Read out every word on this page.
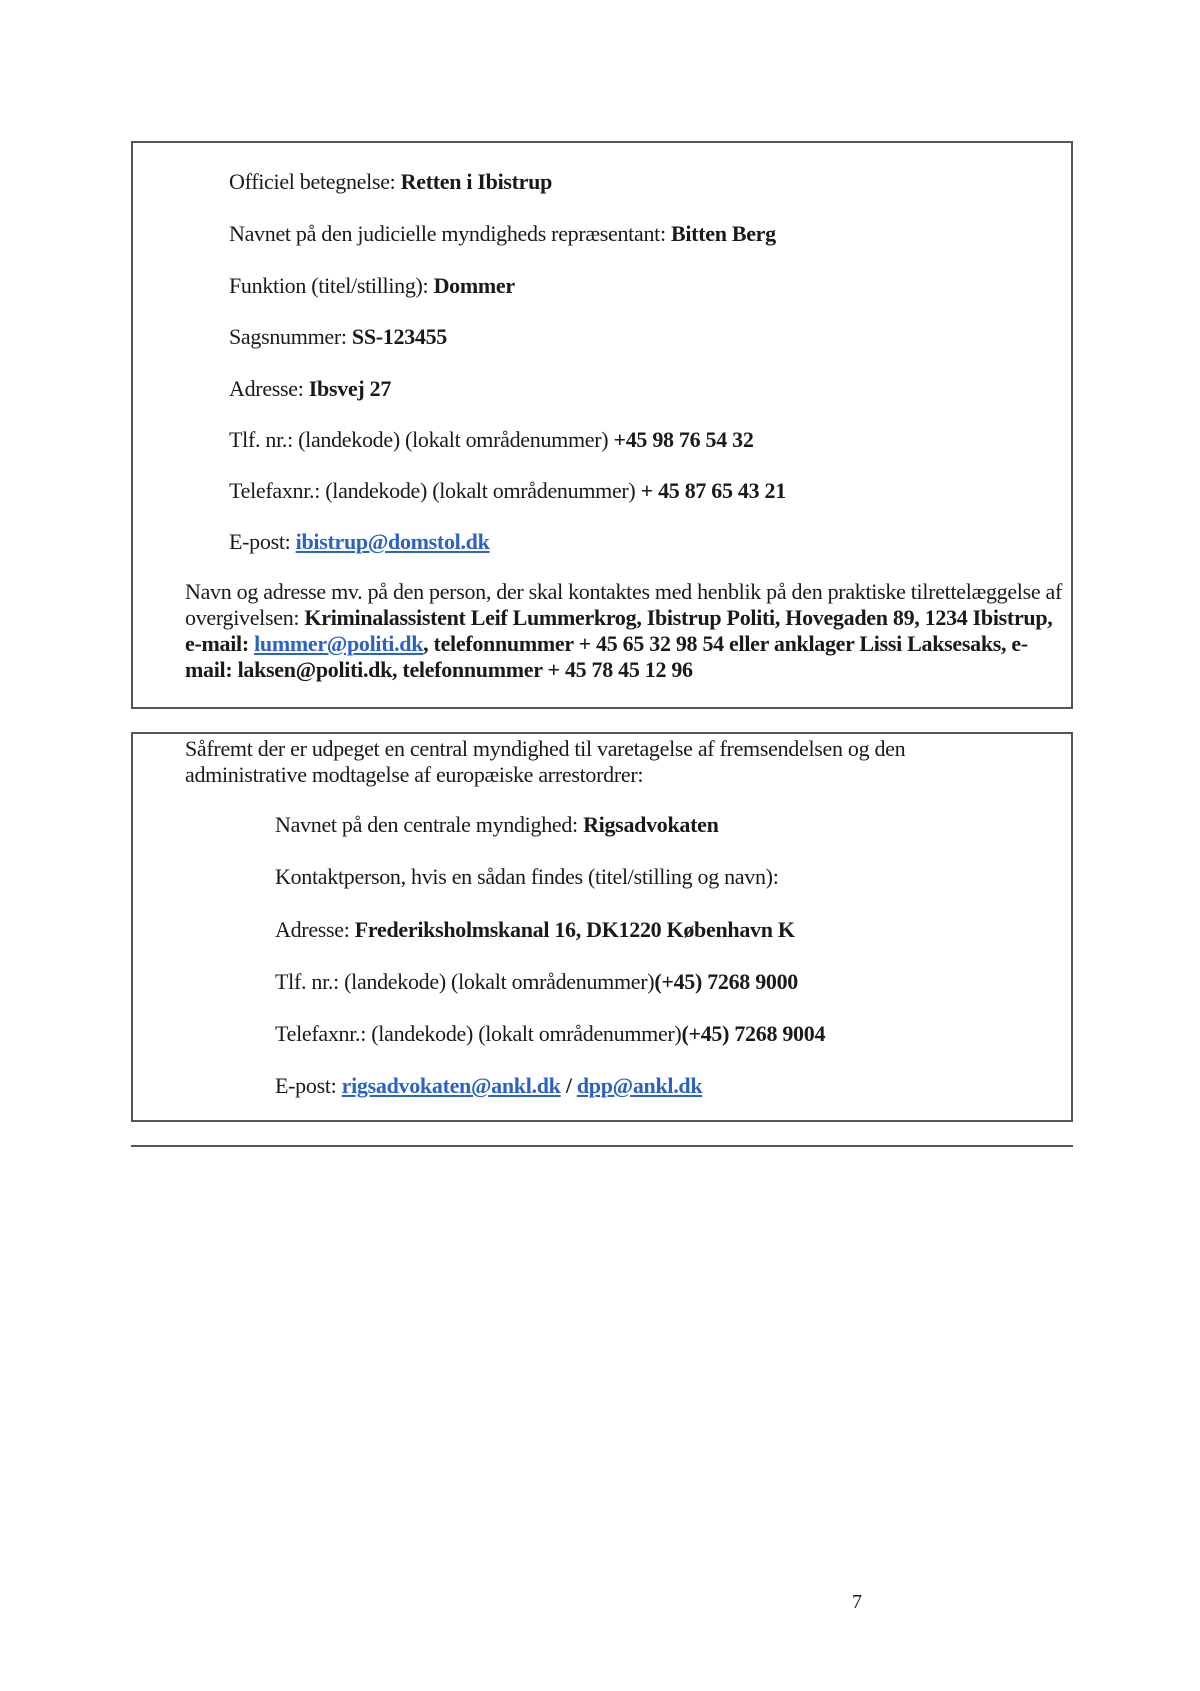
Officiel betegnelse: Retten i Ibistrup
Navnet på den judicielle myndigheds repræsentant: Bitten Berg
Funktion (titel/stilling): Dommer
Sagsnummer: SS-123455
Adresse: Ibsvej 27
Tlf. nr.: (landekode) (lokalt områdenummer) +45 98 76 54 32
Telefaxnr.: (landekode) (lokalt områdenummer) + 45 87 65 43 21
E-post: ibistrup@domstol.dk
Navn og adresse mv. på den person, der skal kontaktes med henblik på den praktiske tilrettelæggelse af overgivelsen: Kriminalassistent Leif Lummerkrog, Ibistrup Politi, Hovegaden 89, 1234 Ibistrup, e-mail: lummer@politi.dk, telefonnummer + 45 65 32 98 54 eller anklager Lissi Laksesaks, e-mail: laksen@politi.dk, telefonnummer + 45 78 45 12 96
Såfremt der er udpeget en central myndighed til varetagelse af fremsendelsen og den administrative modtagelse af europæiske arrestordrer:
Navnet på den centrale myndighed: Rigsadvokaten
Kontaktperson, hvis en sådan findes (titel/stilling og navn):
Adresse: Frederiksholmskanal 16, DK1220 København K
Tlf. nr.: (landekode) (lokalt områdenummer)(+45) 7268 9000
Telefaxnr.: (landekode) (lokalt områdenummer)(+45) 7268 9004
E-post: rigsadvokaten@ankl.dk / dpp@ankl.dk
7
